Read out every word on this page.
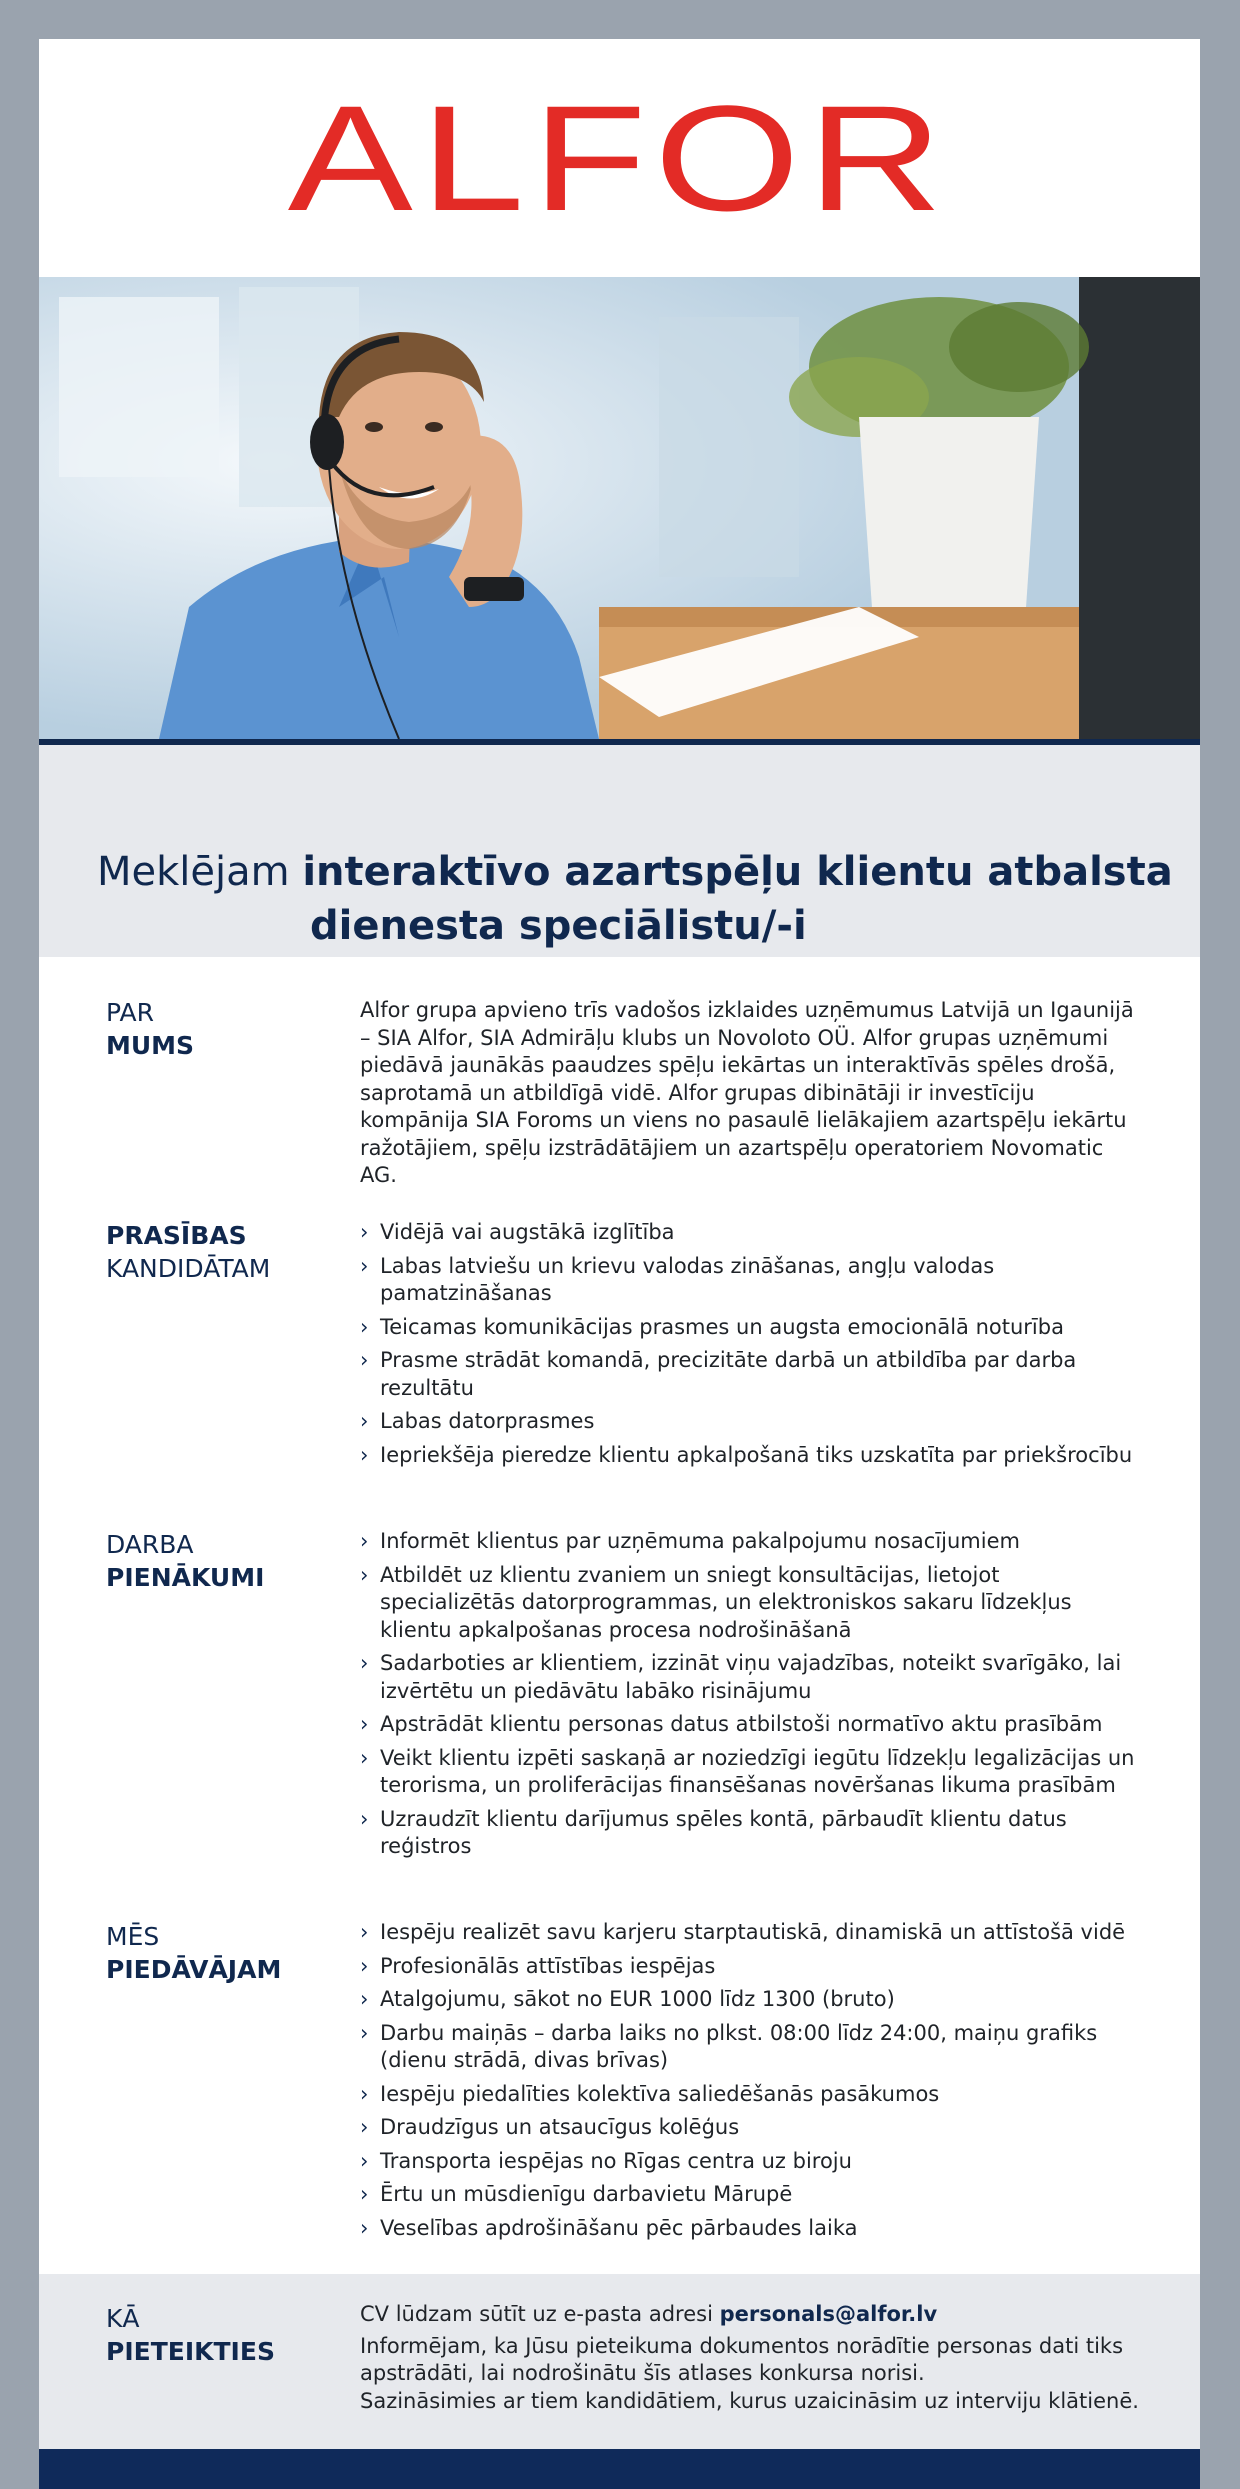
ALFOR
Meklējam interaktīvo azartspēļu klientu atbalsta
dienesta speciālistu/-i
PAR
MUMS
Alfor grupa apvieno trīs vadošos izklaides uzņēmumus Latvijā un Igaunijā – SIA Alfor, SIA Admirāļu klubs un Novoloto OÜ. Alfor grupas uzņēmumi piedāvā jaunākās paaudzes spēļu iekārtas un interaktīvās spēles drošā, saprotamā un atbildīgā vidē. Alfor grupas dibinātāji ir investīciju kompānija SIA Foroms un viens no pasaulē lielākajiem azartspēļu iekārtu ražotājiem, spēļu izstrādātājiem un azartspēļu operatoriem Novomatic AG.
PRASĪBAS
KANDIDĀTAM
› Vidējā vai augstākā izglītība
› Labas latviešu un krievu valodas zināšanas, angļu valodas pamatzināšanas
› Teicamas komunikācijas prasmes un augsta emocionālā noturība
› Prasme strādāt komandā, precizitāte darbā un atbildība par darba rezultātu
› Labas datorprasmes
› Iepriekšēja pieredze klientu apkalpošanā tiks uzskatīta par priekšrocību
DARBA
PIENĀKUMI
› Informēt klientus par uzņēmuma pakalpojumu nosacījumiem
› Atbildēt uz klientu zvaniem un sniegt konsultācijas, lietojot specializētās datorprogrammas, un elektroniskos sakaru līdzekļus klientu apkalpošanas procesa nodrošināšanā
› Sadarboties ar klientiem, izzināt viņu vajadzības, noteikt svarīgāko, lai izvērtētu un piedāvātu labāko risinājumu
› Apstrādāt klientu personas datus atbilstoši normatīvo aktu prasībām
› Veikt klientu izpēti saskaņā ar noziedzīgi iegūtu līdzekļu legalizācijas un terorisma, un proliferācijas finansēšanas novēršanas likuma prasībām
› Uzraudzīt klientu darījumus spēles kontā, pārbaudīt klientu datus reģistros
MĒS
PIEDĀVĀJAM
› Iespēju realizēt savu karjeru starptautiskā, dinamiskā un attīstošā vidē
› Profesionālās attīstības iespējas
› Atalgojumu, sākot no EUR 1000 līdz 1300 (bruto)
› Darbu maiņās – darba laiks no plkst. 08:00 līdz 24:00, maiņu grafiks (dienu strādā, divas brīvas)
› Iespēju piedalīties kolektīva saliedēšanās pasākumos
› Draudzīgus un atsaucīgus kolēģus
› Transporta iespējas no Rīgas centra uz biroju
› Ērtu un mūsdienīgu darbavietu Mārupē
› Veselības apdrošināšanu pēc pārbaudes laika
KĀ
PIETEIKTIES
CV lūdzam sūtīt uz e-pasta adresi personals@alfor.lv
Informējam, ka Jūsu pieteikuma dokumentos norādītie personas dati tiks apstrādāti, lai nodrošinātu šīs atlases konkursa norisi.
Sazināsimies ar tiem kandidātiem, kurus uzaicināsim uz interviju klātienē.
